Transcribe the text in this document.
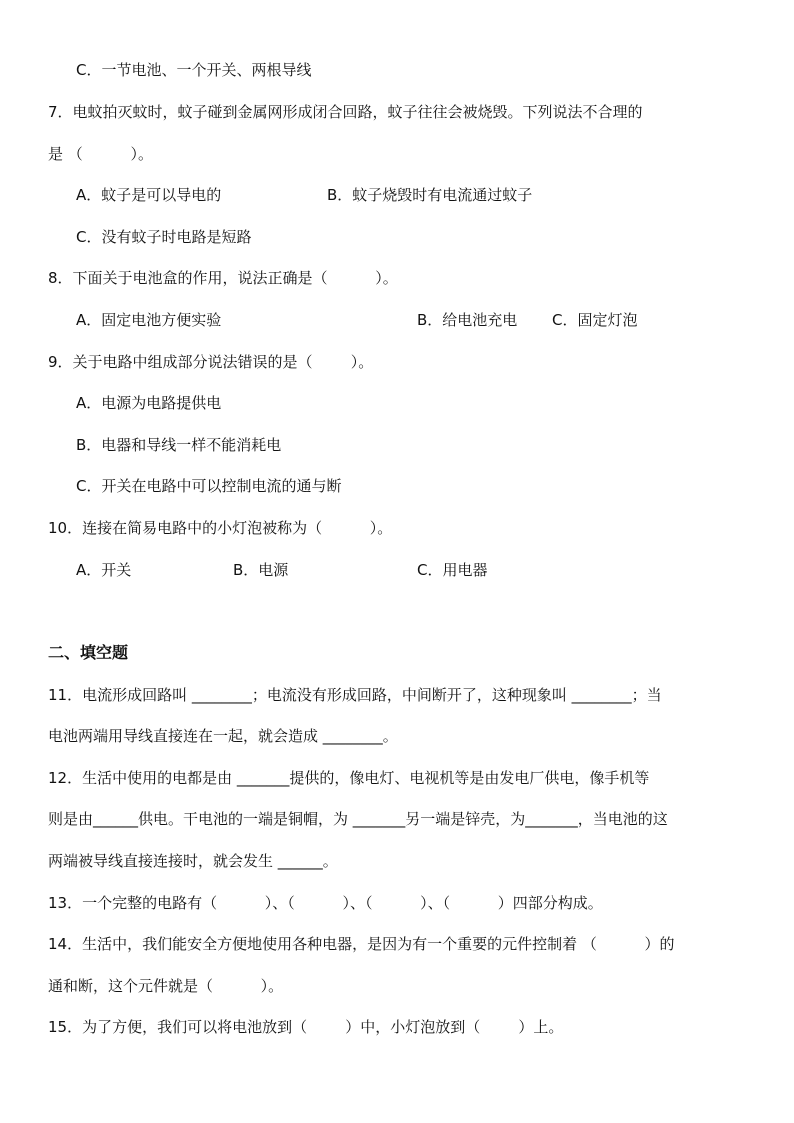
C．一节电池、一个开关、两根导线
7．电蚊拍灭蚊时，蚊子碰到金属网形成闭合回路，蚊子往往会被烧毁。下列说法不合理的
是 （          ）。
A．蚊子是可以导电的	B．蚊子烧毁时有电流通过蚊子
C．没有蚊子时电路是短路
8．下面关于电池盒的作用，说法正确是（          ）。
A．固定电池方便实验	B．给电池充电 C．固定灯泡
9．关于电路中组成部分说法错误的是（        ）。
A．电源为电路提供电
B．电器和导线一样不能消耗电
C．开关在电路中可以控制电流的通与断
10．连接在简易电路中的小灯泡被称为（          ）。
A．开关	B．电源	C．用电器
二、填空题
11．电流形成回路叫 ________；电流没有形成回路，中间断开了，这种现象叫 ________；当
电池两端用导线直接连在一起，就会造成 ________。
12．生活中使用的电都是由 _______提供的，像电灯、电视机等是由发电厂供电，像手机等
则是由______供电。干电池的一端是铜帽，为 _______另一端是锌壳，为_______，当电池的这
两端被导线直接连接时，就会发生 ______。
13．一个完整的电路有（          ）、（          ）、（          ）、（          ）四部分构成。
14．生活中，我们能安全方便地使用各种电器，是因为有一个重要的元件控制着 （          ）的
通和断，这个元件就是（          ）。
15．为了方便，我们可以将电池放到（        ）中，小灯泡放到（        ）上。
